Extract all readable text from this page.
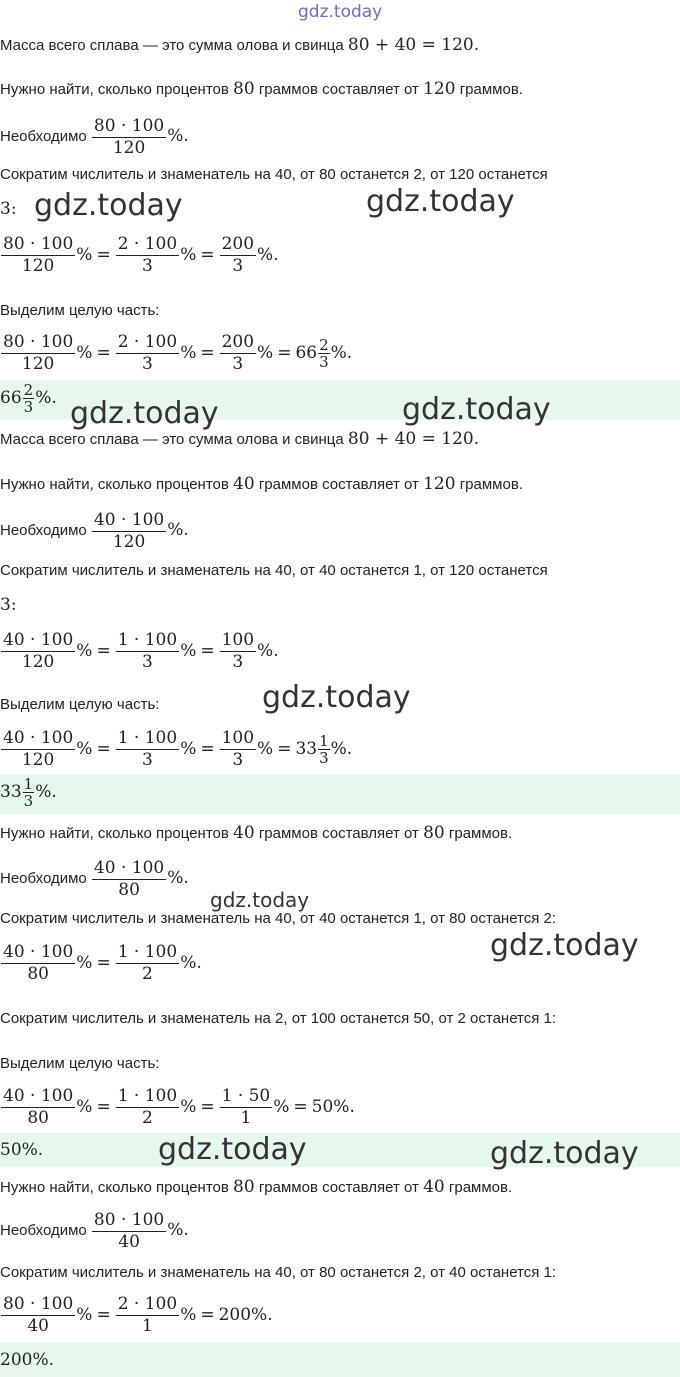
gdz.today
gdz.today	gdz.today
gdz.today	gdz.today
gdz.today
gdz.today
gdz.today
gdz.today	gdz.today
Масса всего сплава — это сумма олова и свинца 80 + 40 = 120.
Нужно найти, сколько процентов 80 граммов составляет от 120 граммов.
Необходимо $\frac{80 \cdot 100}{120}$ %.
Сократим числитель и знаменатель на 40, от 80 останется 2, от 120 останется
3:
$\frac{80 \cdot 100}{120}$ % = $\frac{2 \cdot 100}{3}$ % = $\frac{200}{3}$ %.
Выделим целую часть:
$\frac{80 \cdot 100}{120}$ % = $\frac{2 \cdot 100}{3}$ % = $\frac{200}{3}$ % = $66 \frac{2}{3}$ %.
$66 \frac{2}{3}$ %.
Масса всего сплава — это сумма олова и свинца 80 + 40 = 120.
Нужно найти, сколько процентов 40 граммов составляет от 120 граммов.
Необходимо $\frac{40 \cdot 100}{120}$ %.
Сократим числитель и знаменатель на 40, от 40 останется 1, от 120 останется
3:
$\frac{40 \cdot 100}{120}$ % = $\frac{1 \cdot 100}{3}$ % = $\frac{100}{3}$ %.
Выделим целую часть:
$\frac{40 \cdot 100}{120}$ % = $\frac{1 \cdot 100}{3}$ % = $\frac{100}{3}$ % = $33 \frac{1}{3}$ %.
$33 \frac{1}{3}$ %.
Нужно найти, сколько процентов 40 граммов составляет от 80 граммов.
Необходимо $\frac{40 \cdot 100}{80}$ %.
Сократим числитель и знаменатель на 40, от 40 останется 1, от 80 останется 2:
$\frac{40 \cdot 100}{80}$ % = $\frac{1 \cdot 100}{2}$ %.
Сократим числитель и знаменатель на 2, от 100 останется 50, от 2 останется 1:
Выделим целую часть:
$\frac{40 \cdot 100}{80}$ % = $\frac{1 \cdot 100}{2}$ % = $\frac{1 \cdot 50}{1}$ % = 50%.
50%.
Нужно найти, сколько процентов 80 граммов составляет от 40 граммов.
Необходимо $\frac{80 \cdot 100}{40}$ %.
Сократим числитель и знаменатель на 40, от 80 останется 2, от 40 останется 1:
$\frac{80 \cdot 100}{40}$ % = $\frac{2 \cdot 100}{1}$ % = 200%.
200%.
